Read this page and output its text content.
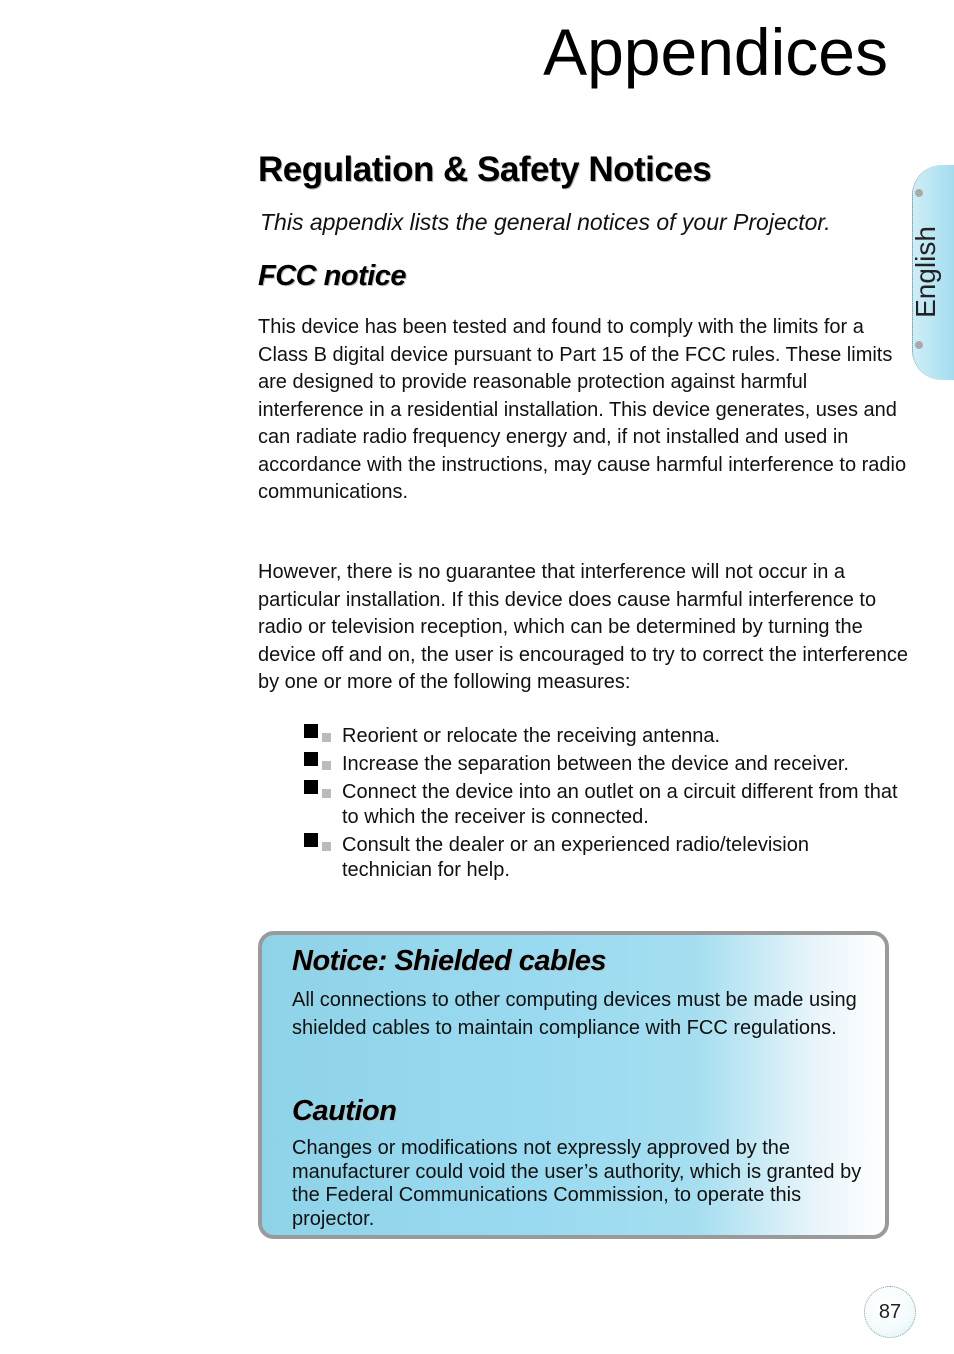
Appendices
Regulation & Safety Notices

This appendix lists the general notices of your Projector.

FCC notice

This device has been tested and found to comply with the limits for a Class B digital device pursuant to Part 15 of the FCC rules. These limits are designed to provide reasonable protection against harmful interference in a residential installation. This device generates, uses and can radiate radio frequency energy and, if not installed and used in accordance with the instructions, may cause harmful interference to radio communications.

However, there is no guarantee that interference will not occur in a particular installation. If this device does cause harmful interference to radio or television reception, which can be determined by turning the device off and on, the user is encouraged to try to correct the interference by one or more of the following measures:

Reorient or relocate the receiving antenna.
Increase the separation between the device and receiver.
Connect the device into an outlet on a circuit different from that to which the receiver is connected.
Consult the dealer or an experienced radio/television technician for help.
Notice: Shielded cables

All connections to other computing devices must be made using shielded cables to maintain compliance with FCC regulations.

Caution

Changes or modifications not expressly approved by the manufacturer could void the user’s authority, which is granted by the Federal Communications Commission, to operate this projector.

English
87
